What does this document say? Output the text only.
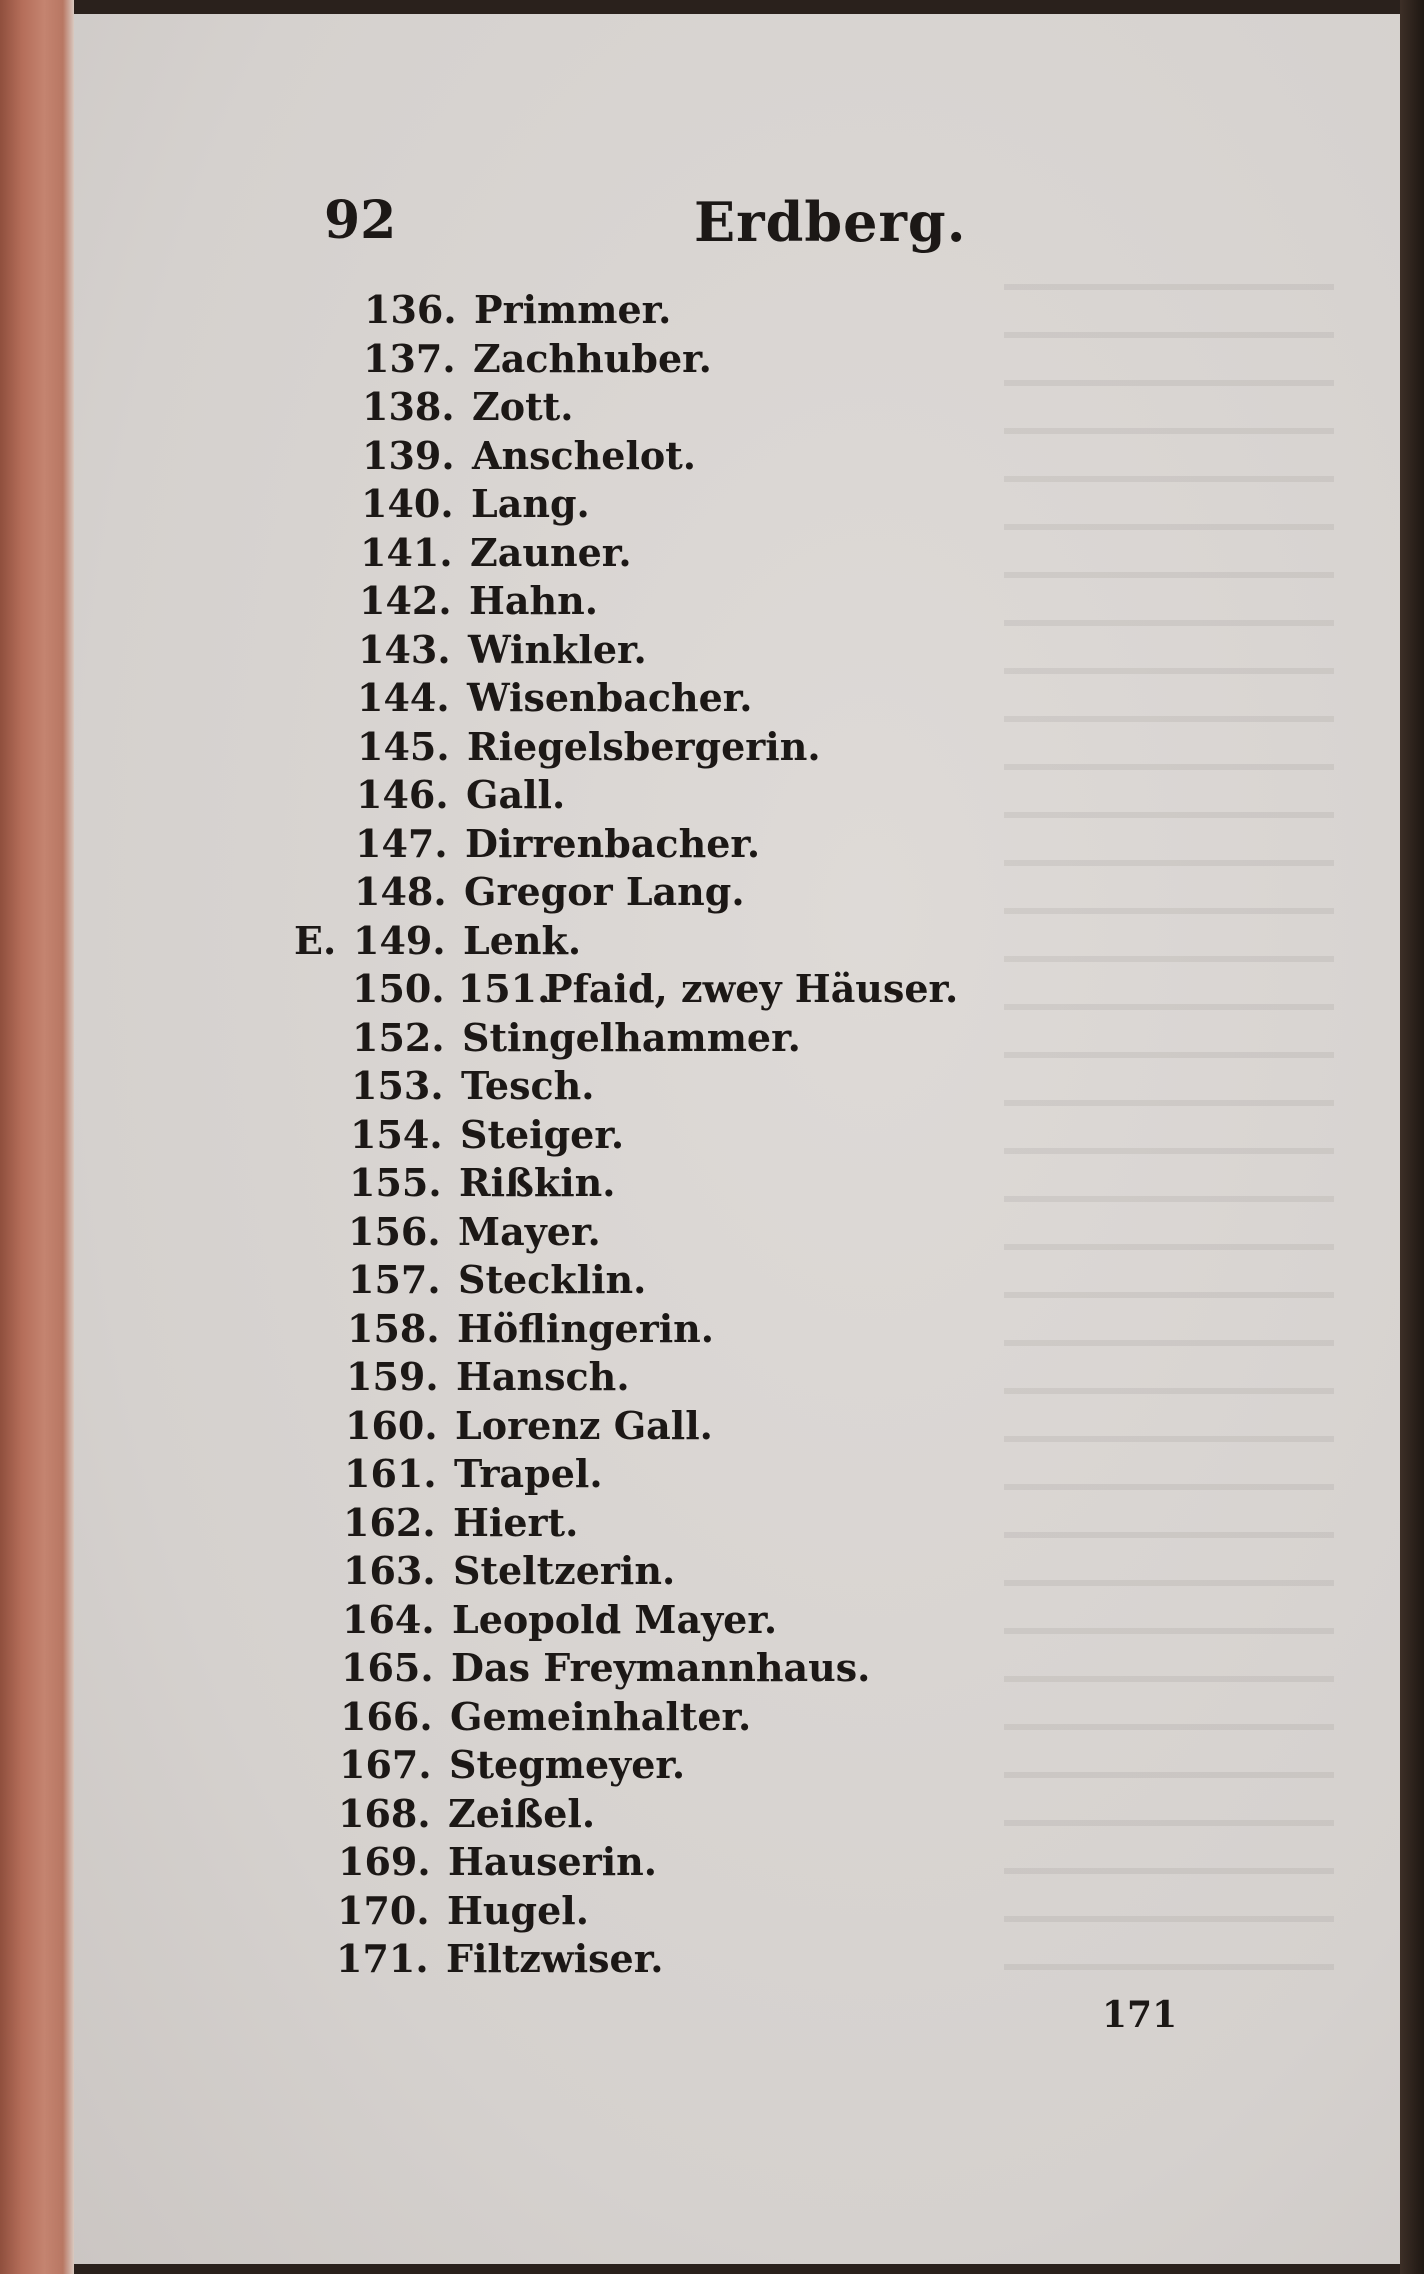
92	Erdberg.
136. Primmer.
137. Zachhuber.
138. Zott.
139. Anschelot.
140. Lang.
141. Zauner.
142. Hahn.
143. Winkler.
144. Wisenbacher.
145. Riegelsbergerin.
146. Gall.
147. Dirrenbacher.
148. Gregor Lang.
E. 149. Lenk.
150. 151.
Pfaid, zwey Häuser.
152. Stingelhammer.
153. Tesch.
154. Steiger.
155. Rißkin.
156. Mayer.
157. Stecklin.
158. Höflingerin.
159. Hansch.
160. Lorenz Gall.
161. Trapel.
162. Hiert.
163. Steltzerin.
164. Leopold Mayer.
165. Das Freymannhaus.
166. Gemeinhalter.
167. Stegmeyer.
168. Zeißel.
169. Hauserin.
170. Hugel.
171. Filtzwiser.
171
